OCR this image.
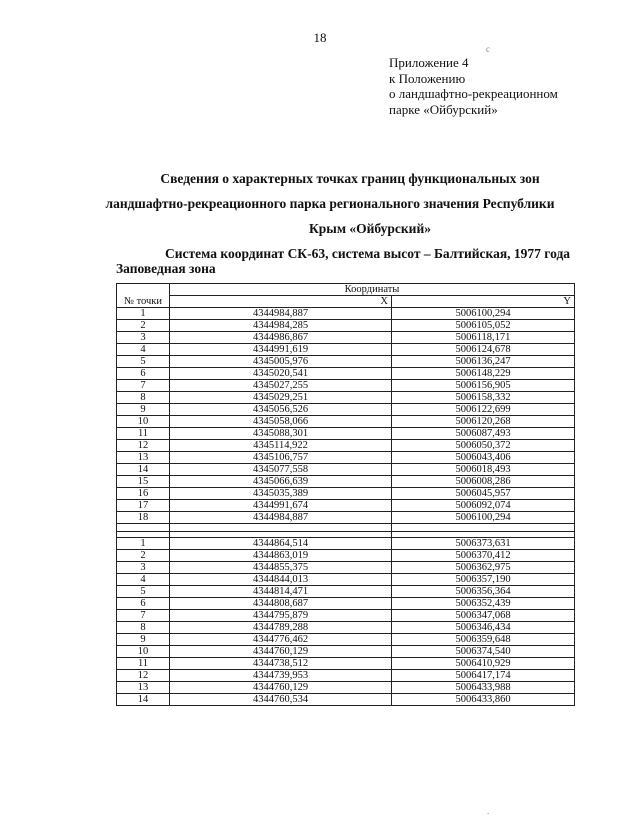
18
Приложение 4
к Положению
о ландшафтно-рекреационном
парке «Ойбурский»
Сведения о характерных точках границ функциональных зон
ландшафтно-рекреационного парка регионального значения Республики
Крым «Ойбурский»
Система координат СК-63, система высот – Балтийская, 1977 года
Заповедная зона
№ точки	Координаты	
	X	Y
1	4344984,887	5006100,294
2	4344984,285	5006105,052
3	4344986,867	5006118,171
4	4344991,619	5006124,678
5	4345005,976	5006136,247
6	4345020,541	5006148,229
7	4345027,255	5006156,905
8	4345029,251	5006158,332
9	4345056,526	5006122,699
10	4345058,066	5006120,268
11	4345088,301	5006087,493
12	4345114,922	5006050,372
13	4345106,757	5006043,406
14	4345077,558	5006018,493
15	4345066,639	5006008,286
16	4345035,389	5006045,957
17	4344991,674	5006092,074
18	4344984,887	5006100,294

1	4344864,514	5006373,631
2	4344863,019	5006370,412
3	4344855,375	5006362,975
4	4344844,013	5006357,190
5	4344814,471	5006356,364
6	4344808,687	5006352,439
7	4344795,879	5006347,068
8	4344789,288	5006346,434
9	4344776,462	5006359,648
10	4344760,129	5006374,540
11	4344738,512	5006410,929
12	4344739,953	5006417,174
13	4344760,129	5006433,988
14	4344760,534	5006433,860
c
.
